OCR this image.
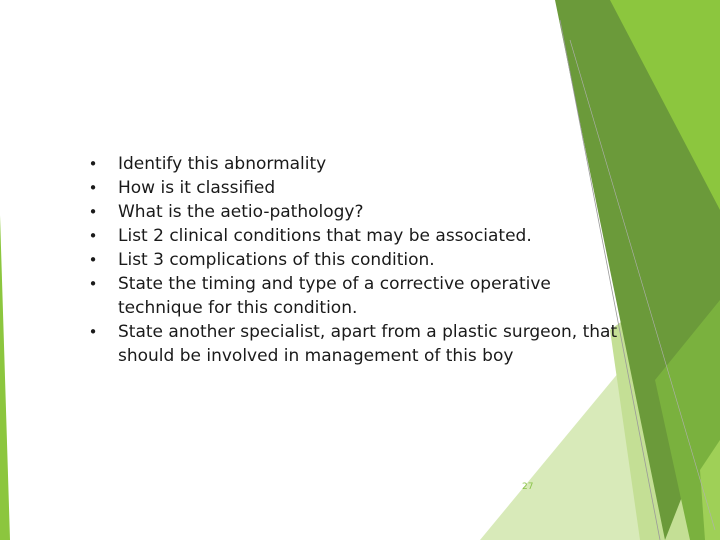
• Identify this abnormality
• How is it classified
• What is the aetio-pathology?
• List 2 clinical conditions that may be associated.
• List 3 complications of this condition.
• State the timing and type of a corrective operative technique for this condition.
• State another specialist, apart from a plastic surgeon, that should be involved in management of this boy
27
